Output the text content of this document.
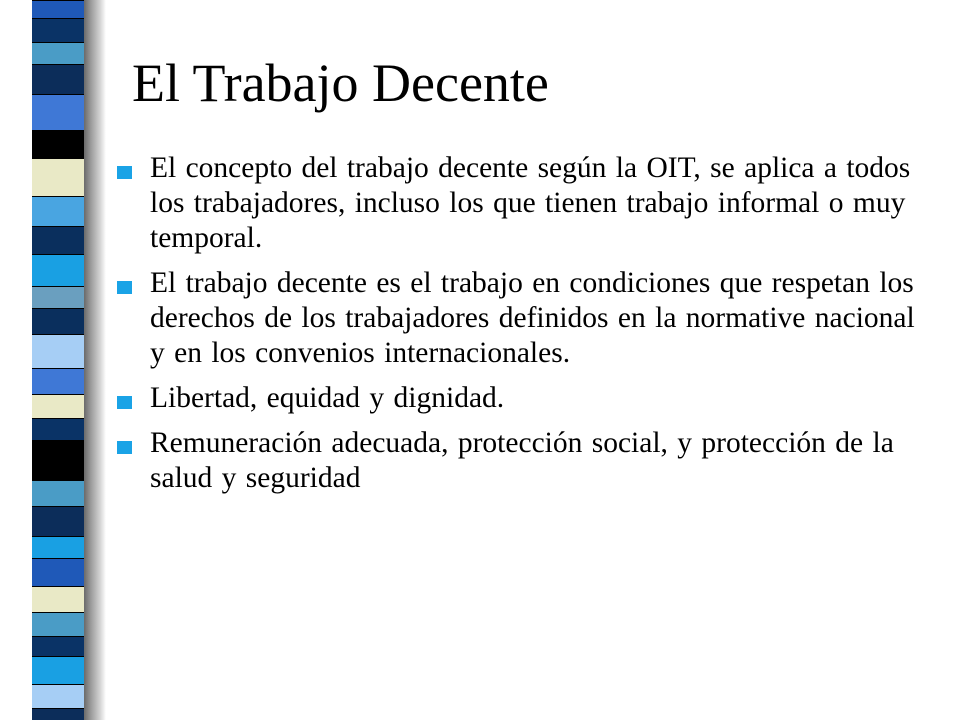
El Trabajo Decente
El concepto del trabajo decente según la OIT, se aplica a todos los trabajadores, incluso los que tienen trabajo informal o muy temporal.
El trabajo decente es el trabajo en condiciones que respetan los derechos de los trabajadores definidos en la normative nacional y en los convenios internacionales.
Libertad, equidad y dignidad.
Remuneración adecuada, protección social, y protección de la salud y seguridad
